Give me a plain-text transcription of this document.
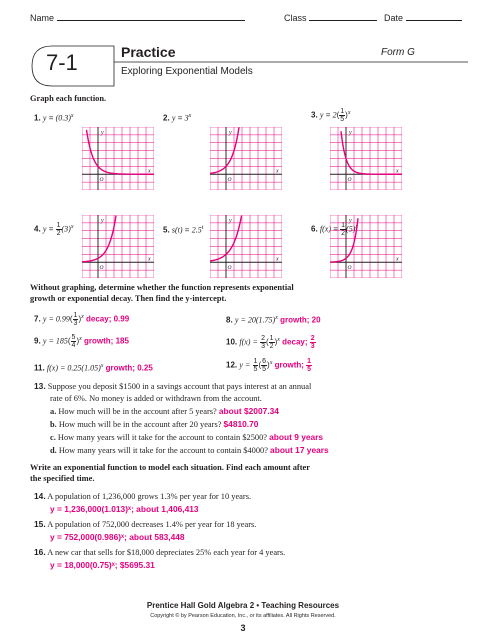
Name	Class	Date
7-1	Practice	Form G
Exploring Exponential Models
Graph each function.
1. $y = (0.3)^x$	2. $y = 3^x$	3. $y = 2( \frac{1}{5} )^x$
4. $y = \frac{1}{2} (3)^x$	5. $s(t) = 2.5^t$	6. $f(x) = \frac{1}{2} (5)^x$
y
x
O
y
x
O
y
x
O
y
x
O
y
x
O
y
x
O
Without graphing, determine whether the function represents exponential
growth or exponential decay. Then find the y-intercept.
7. $y = 0.99( \frac{1}{3} )^x$ decay; 0.99	8. $y = 20(1.75)^x$ growth; 20
9. $y = 185( \frac{5}{4} )^x$ growth; 185	10. $f(x) = \frac{2}{3}$ ( $\frac{1}{2} )^x$ decay; $\frac{2}{3}$
11. $f(x) = 0.25(1.05)^x$ growth; 0.25	12. $y = \frac{1}{5}$ ( $\frac{6}{5} )^x$ growth; $\frac{1}{5}$
13. Suppose you deposit $1500 in a savings account that pays interest at an annual
rate of 6%. No money is added or withdrawn from the account.
a. How much will be in the account after 5 years? about $2007.34
b. How much will be in the account after 20 years? $4810.70
c. How many years will it take for the account to contain $2500? about 9 years
d. How many years will it take for the account to contain $4000? about 17 years
Write an exponential function to model each situation. Find each amount after
the specified time.
14. A population of 1,236,000 grows 1.3% per year for 10 years.
y = 1,236,000(1.013)ˣ; about 1,406,413
15. A population of 752,000 decreases 1.4% per year for 18 years.
y = 752,000(0.986)ˣ; about 583,448
16. A new car that sells for $18,000 depreciates 25% each year for 4 years.
y = 18,000(0.75)ˣ; $5695.31
Prentice Hall Gold Algebra 2 • Teaching Resources
Copyright © by Pearson Education, Inc., or its affiliates. All Rights Reserved.
3
